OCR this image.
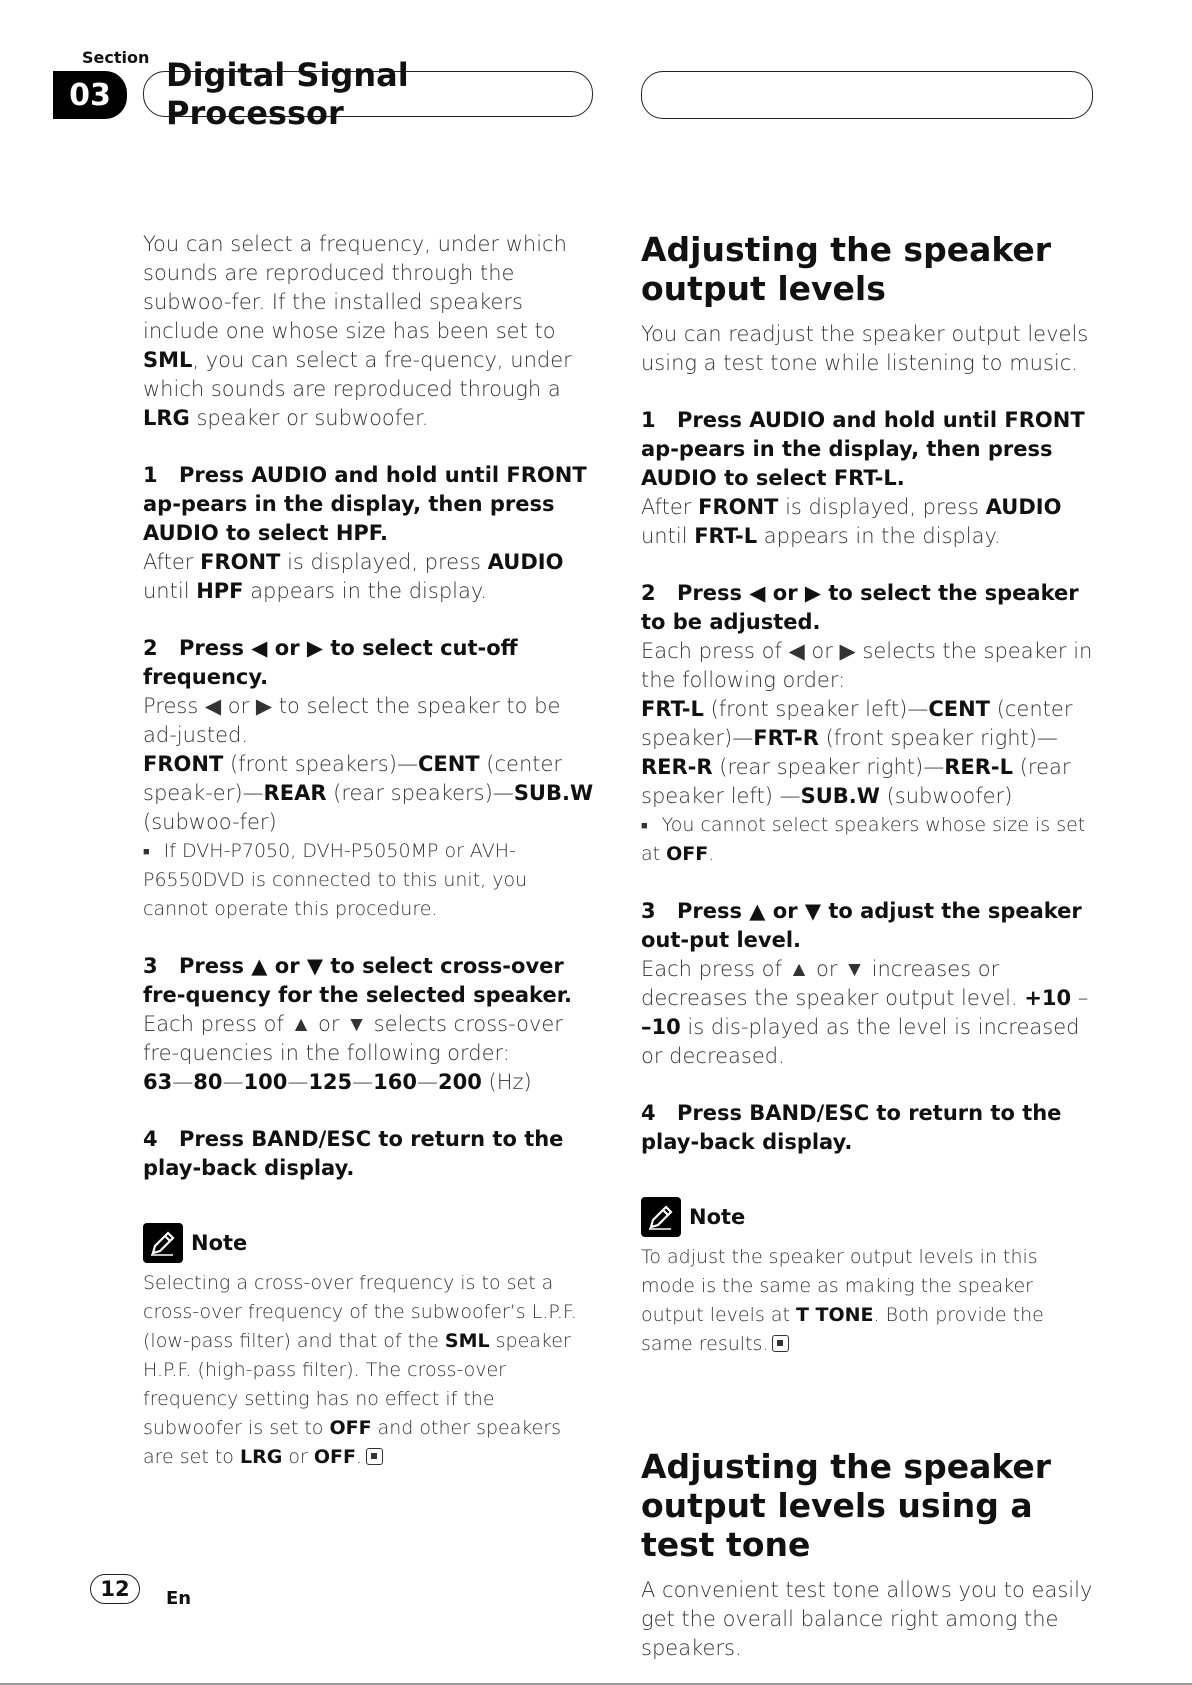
Section
03
Digital Signal Processor

You can select a frequency, under which sounds are reproduced through the subwoo-fer. If the installed speakers include one whose size has been set to SML, you can select a fre-quency, under which sounds are reproduced through a LRG speaker or subwoofer.

1 Press AUDIO and hold until FRONT ap-pears in the display, then press AUDIO to select HPF.

After FRONT is displayed, press AUDIO until HPF appears in the display.

2 Press ◀ or ▶ to select cut-off frequency.

Press ◀ or ▶ to select the speaker to be ad-justed.

FRONT (front speakers)—CENT (center speak-er)—REAR (rear speakers)—SUB.W (subwoo-fer)

■ If DVH-P7050, DVH-P5050MP or AVH-P6550DVD is connected to this unit, you cannot operate this procedure.

3 Press ▲ or ▼ to select cross-over fre-quency for the selected speaker.

Each press of ▲ or ▼ selects cross-over fre-quencies in the following order:

63—80—100—125—160—200 (Hz)

4 Press BAND/ESC to return to the play-back display.

Note

Selecting a cross-over frequency is to set a cross-over frequency of the subwoofer’s L.P.F. (low-pass filter) and that of the SML speaker H.P.F. (high-pass filter). The cross-over frequency setting has no effect if the subwoofer is set to OFF and other speakers are set to LRG or OFF.

Adjusting the speaker output levels

You can readjust the speaker output levels using a test tone while listening to music.

1 Press AUDIO and hold until FRONT ap-pears in the display, then press AUDIO to select FRT-L.

After FRONT is displayed, press AUDIO until FRT-L appears in the display.

2 Press ◀ or ▶ to select the speaker to be adjusted.

Each press of ◀ or ▶ selects the speaker in the following order:

FRT-L (front speaker left)—CENT (center speaker)—FRT-R (front speaker right)—RER-R (rear speaker right)—RER-L (rear speaker left) —SUB.W (subwoofer)

■ You cannot select speakers whose size is set at OFF.

3 Press ▲ or ▼ to adjust the speaker out-put level.

Each press of ▲ or ▼ increases or decreases the speaker output level. +10 – –10 is dis-played as the level is increased or decreased.

4 Press BAND/ESC to return to the play-back display.

Note

To adjust the speaker output levels in this mode is the same as making the speaker output levels at T TONE. Both provide the same results.

Adjusting the speaker output levels using a test tone

A convenient test tone allows you to easily get the overall balance right among the speakers.

12	En
